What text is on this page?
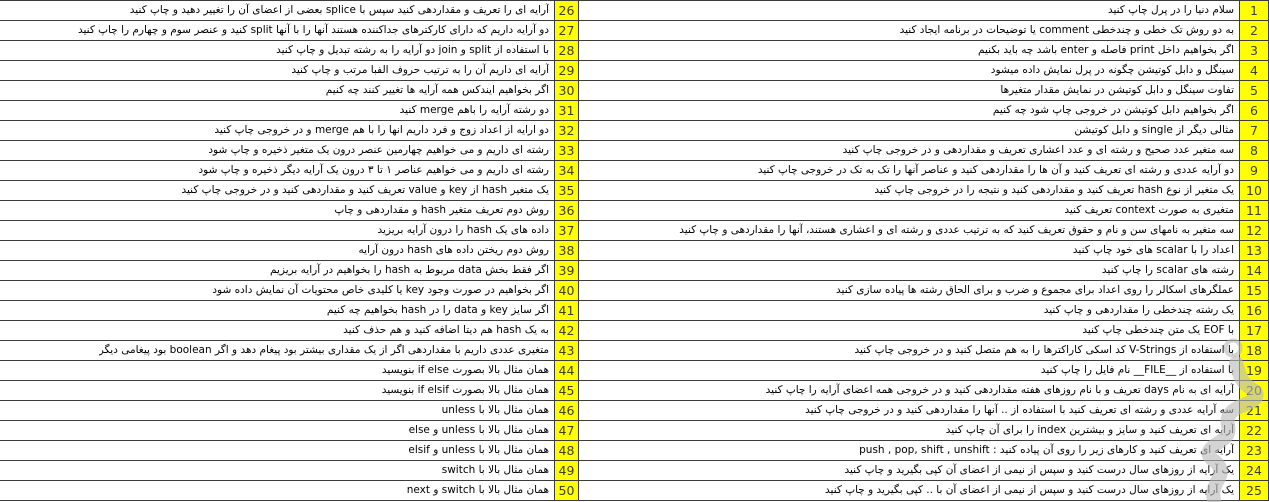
سلام دنیا را در پرل چاپ کنید	1
آرایه ای را تعریف و مقداردهی کنید سپس با splice بعضی از اعضای آن را تغییر دهید و چاپ کنید 26
به دو روش تک خطی و چندخطی comment یا توضیحات در برنامه ایجاد کنید	2
دو آرایه داریم که دارای کارکترهای جداکننده هستند آنها را با آنها split کنید و عنصر سوم و چهارم را چاپ کنید 27
اگر بخواهیم داخل print فاصله و enter باشد چه باید بکنیم	3
با استفاده از split و join دو آرایه را به رشته تبدیل و چاپ کنید 28
سینگل و دابل کوتیشن چگونه در پرل نمایش داده میشود	4
آرایه ای داریم آن را به ترتیب حروف الفبا مرتب و چاپ کنید 29
تفاوت سینگل و دابل کوتیشن در نمایش مقدار متغیرها	5
اگر بخواهیم ایندکس همه آرایه ها تغییر کنند چه کنیم 30
اگر بخواهیم دابل کوتیشن در خروجی چاپ شود چه کنیم	6
دو رشته آرایه را باهم merge کنید 31
مثالی دیگر از single و دابل کوتیشن	7
دو ارایه از اعداد زوج و فرد داریم انها را با هم merge و در خروجی چاپ کنید 32
سه متغیر عدد صحیح و رشته ای و عدد اعشاری تعریف و مقداردهی و در خروجی چاپ کنید	8
رشته ای داریم و می خواهیم چهارمین عنصر درون یک متغیر ذخیره و چاپ شود 33
دو آرایه عددی و رشته ای تعریف کنید و آن ها را مقداردهی کنید و عناصر آنها را تک به تک در خروجی چاپ کنید	9
رشته ای داریم و می خواهیم عناصر ۱ تا ۳ درون یک آرایه دیگر ذخیره و چاپ شود 34
یک متغیر از نوع hash تعریف کنید و مقداردهی کنید و نتیجه را در خروجی چاپ کنید 10
یک متغیر hash از key و value تعریف کنید و مقداردهی کنید و در خروجی چاپ کنید 35
متغیری به صورت context تعریف کنید 11
روش دوم تعریف متغیر hash و مقداردهی و چاپ 36
سه متغیر به نامهای سن و نام و حقوق تعریف کنید که به ترتیب عددی و رشته ای و اعشاری هستند، آنها را مقداردهی و چاپ کنید 12
داده های یک hash را درون آرایه بریزید 37
اعداد را با scalar های خود چاپ کنید 13
روش دوم ریختن داده های hash درون آرایه 38
رشته های scalar را چاپ کنید 14
اگر فقط بخش data مربوط به hash را بخواهیم در آرایه بریزیم 39
عملگرهای اسکالر را روی اعداد برای مجموع و ضرب و برای الحاق رشته ها پیاده سازی کنید 15
اگر بخواهیم در صورت وجود key یا کلیدی خاص محتویات آن نمایش داده شود 40
یک رشته چندخطی را مقداردهی و چاپ کنید 16
اگر سایز key و data را در hash بخواهیم چه کنیم 41
با EOF یک متن چندخطی چاپ کنید 17
به یک hash هم دیتا اضافه کنید و هم حذف کنید 42
با استفاده از V-Strings کد اسکی کاراکترها را به هم متصل کنید و در خروجی چاپ کنید 18
متغیری عددی داریم با مقداردهی اگر از یک مقداری بیشتر بود پیغام دهد و اگر boolean بود پیغامی دیگر 43
با استفاده از __FILE__ نام فایل را چاپ کنید 19
همان مثال بالا بصورت if else بنویسید 44
آرایه ای به نام days تعریف و با نام روزهای هفته مقداردهی کنید و در خروجی همه اعضای آرایه را چاپ کنید 20
همان مثال بالا بصورت if elsif بنویسید 45
سه آرایه عددی و رشته ای تعریف کنید با استفاده از .. آنها را مقداردهی کنید و در خروجی چاپ کنید 21
همان مثال بالا با unless 46
آرایه ای تعریف کنید و سایز و بیشترین index را برای آن چاپ کنید 22
همان مثال بالا با unless و else 47
آرایه ای تعریف کنید و کارهای زیر را روی آن پیاده کنید : push , pop, shift , unshift 23
همان مثال بالا با unless و elsif 48
یک آرایه از روزهای سال درست کنید و سپس از نیمی از اعضای آن کپی بگیرید و چاپ کنید 24
همان مثال بالا با switch 49
یک آرایه از روزهای سال درست کنید و سپس از نیمی از اعضای آن با .. کپی بگیرید و چاپ کنید 25
همان مثال بالا با switch و next 50
